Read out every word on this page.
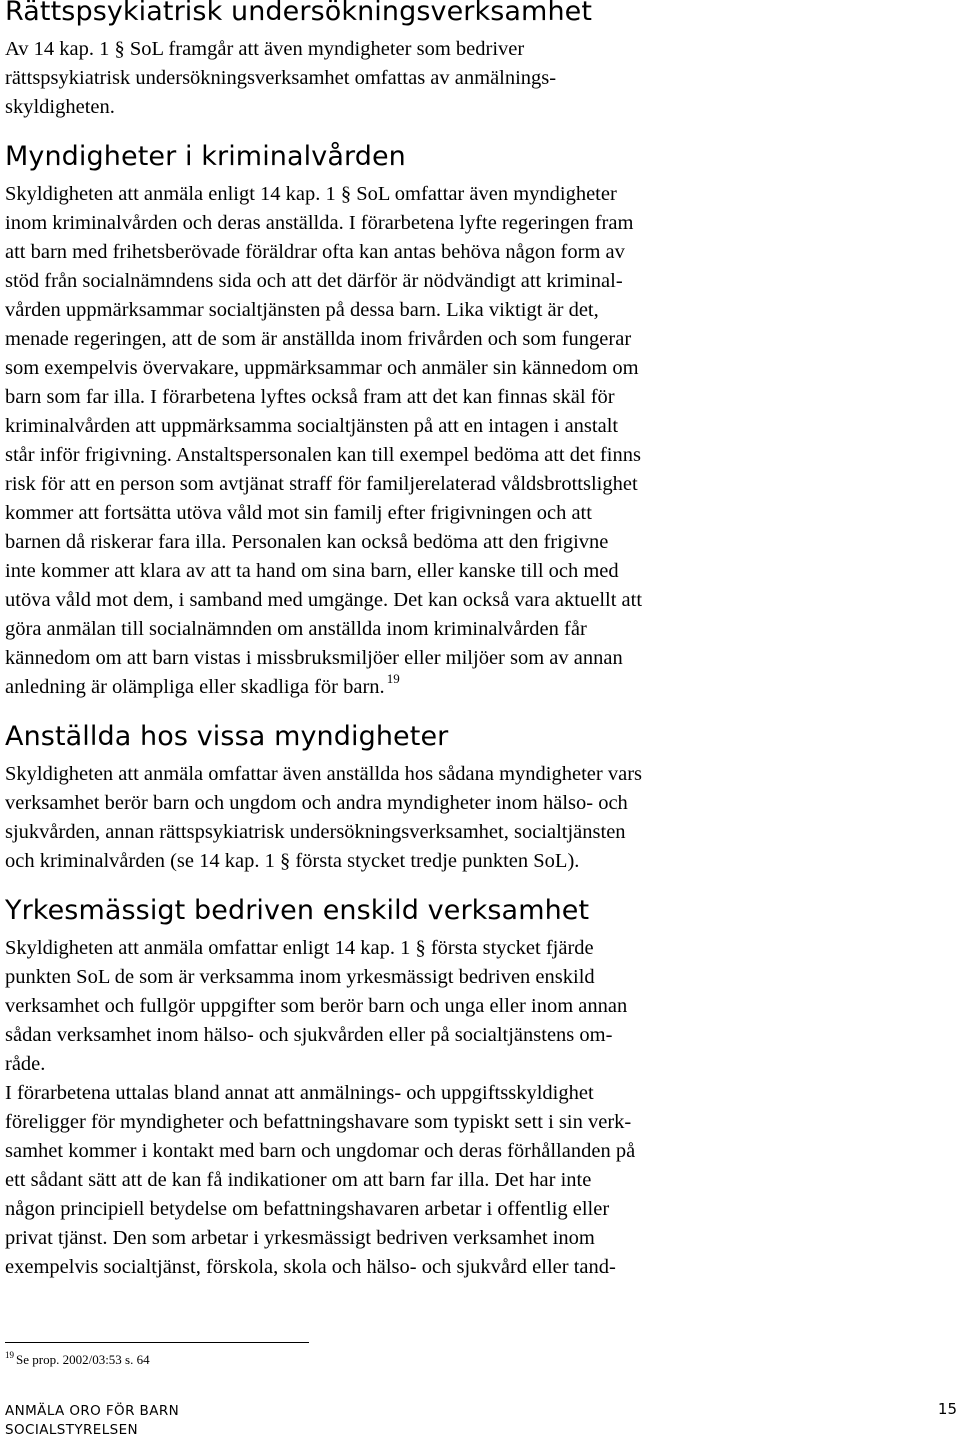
Rättspsykiatrisk undersökningsverksamhet

Av 14 kap. 1 § SoL framgår att även myndigheter som bedriver
rättspsykiatrisk undersökningsverksamhet omfattas av anmälnings-
skyldigheten.

Myndigheter i kriminalvården

Skyldigheten att anmäla enligt 14 kap. 1 § SoL omfattar även myndigheter
inom kriminalvården och deras anställda. I förarbetena lyfte regeringen fram
att barn med frihetsberövade föräldrar ofta kan antas behöva någon form av
stöd från socialnämndens sida och att det därför är nödvändigt att kriminal-
vården uppmärksammar socialtjänsten på dessa barn. Lika viktigt är det,
menade regeringen, att de som är anställda inom frivården och som fungerar
som exempelvis övervakare, uppmärksammar och anmäler sin kännedom om
barn som far illa. I förarbetena lyftes också fram att det kan finnas skäl för
kriminalvården att uppmärksamma socialtjänsten på att en intagen i anstalt
står inför frigivning. Anstaltspersonalen kan till exempel bedöma att det finns
risk för att en person som avtjänat straff för familjerelaterad våldsbrottslighet
kommer att fortsätta utöva våld mot sin familj efter frigivningen och att
barnen då riskerar fara illa. Personalen kan också bedöma att den frigivne
inte kommer att klara av att ta hand om sina barn, eller kanske till och med
utöva våld mot dem, i samband med umgänge. Det kan också vara aktuellt att
göra anmälan till socialnämnden om anställda inom kriminalvården får
kännedom om att barn vistas i missbruksmiljöer eller miljöer som av annan
anledning är olämpliga eller skadliga för barn. $^{19}$

Anställda hos vissa myndigheter

Skyldigheten att anmäla omfattar även anställda hos sådana myndigheter vars
verksamhet berör barn och ungdom och andra myndigheter inom hälso- och
sjukvården, annan rättspsykiatrisk undersökningsverksamhet, socialtjänsten
och kriminalvården (se 14 kap. 1 § första stycket tredje punkten SoL).

Yrkesmässigt bedriven enskild verksamhet

Skyldigheten att anmäla omfattar enligt 14 kap. 1 § första stycket fjärde
punkten SoL de som är verksamma inom yrkesmässigt bedriven enskild
verksamhet och fullgör uppgifter som berör barn och unga eller inom annan
sådan verksamhet inom hälso- och sjukvården eller på socialtjänstens om-
råde.

I förarbetena uttalas bland annat att anmälnings- och uppgiftsskyldighet
föreligger för myndigheter och befattningshavare som typiskt sett i sin verk-
samhet kommer i kontakt med barn och ungdomar och deras förhållanden på
ett sådant sätt att de kan få indikationer om att barn far illa. Det har inte
någon principiell betydelse om befattningshavaren arbetar i offentlig eller
privat tjänst. Den som arbetar i yrkesmässigt bedriven verksamhet inom
exempelvis socialtjänst, förskola, skola och hälso- och sjukvård eller tand-

$^{19}$ Se prop. 2002/03:53 s. 64
ANMÄLA ORO FÖR BARN
SOCIALSTYRELSEN
15
